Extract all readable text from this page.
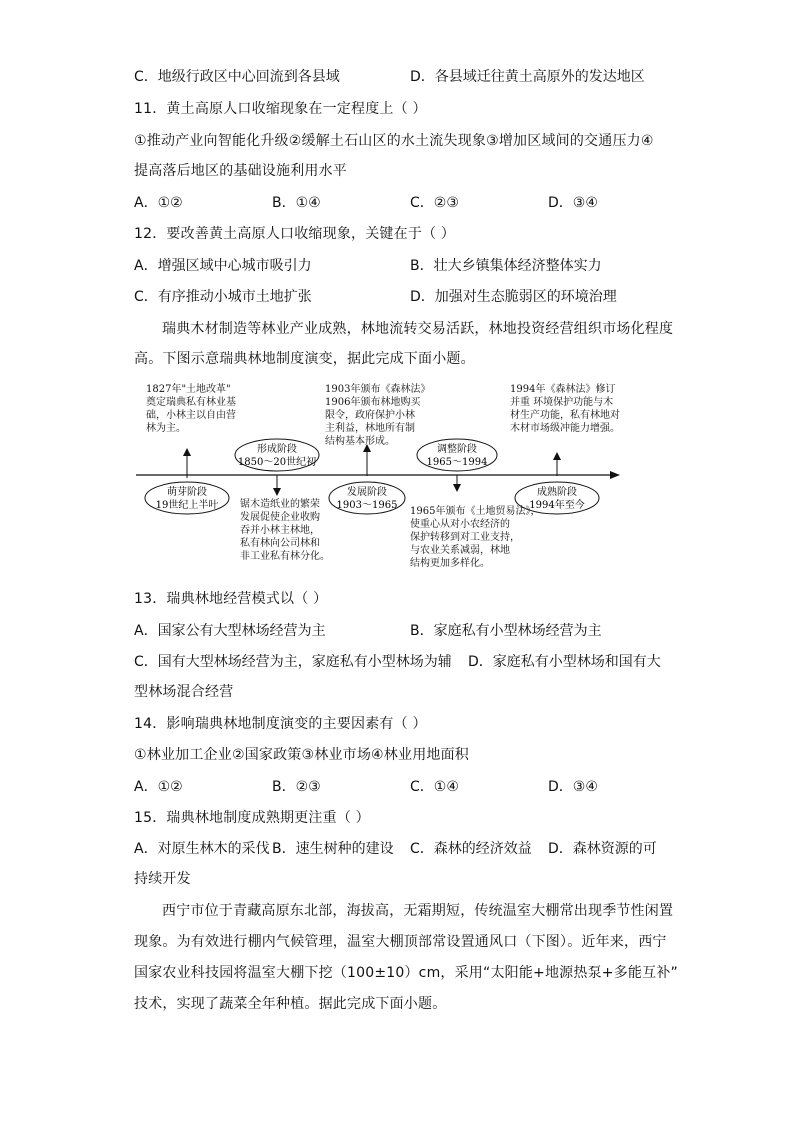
C．地级行政区中心回流到各县域	D．各县域迁往黄土高原外的发达地区
11．黄土高原人口收缩现象在一定程度上（ ）
①推动产业向智能化升级②缓解土石山区的水土流失现象③增加区域间的交通压力④
提高落后地区的基础设施利用水平
A．①②	B．①④	C．②③	D．③④
12．要改善黄土高原人口收缩现象，关键在于（ ）
A．增强区域中心城市吸引力	B．壮大乡镇集体经济整体实力
C．有序推动小城市土地扩张	D．加强对生态脆弱区的环境治理
瑞典木材制造等林业产业成熟，林地流转交易活跃，林地投资经营组织市场化程度
高。下图示意瑞典林地制度演变，据此完成下面小题。
萌芽阶段
19世纪上半叶
形成阶段
1850～20世纪初
发展阶段
1903～1965
调整阶段
1965～1994
成熟阶段
1994年至今
1827年"土地改革"
奠定瑞典私有林业基
础，小林主以自由营
林为主。
1903年颁布《森林法》
1906年颁布林地购买
限令，政府保护小林
主利益，林地所有制
结构基本形成。
1994年《森林法》修订
并重 环境保护功能与木
材生产功能，私有林地对
木材市场级冲能力增强。
锯木造纸业的繁荣
发展促使企业收购
吞并小林主林地，
私有林向公司林和
非工业私有林分化。
1965年颁布《土地贸易法》，
使重心从对小农经济的
保护转移到对工业支持，
与农业关系减弱，林地
结构更加多样化。
13．瑞典林地经营模式以（ ）
A．国家公有大型林场经营为主	B．家庭私有小型林场经营为主
C．国有大型林场经营为主，家庭私有小型林场为辅 D．家庭私有小型林场和国有大
型林场混合经营
14．影响瑞典林地制度演变的主要因素有（ ）
①林业加工企业②国家政策③林业市场④林业用地面积
A．①②	B．②③	C．①④	D．③④
15．瑞典林地制度成熟期更注重（ ）
A．对原生林木的采伐 B．速生树种的建设 C．森林的经济效益 D．森林资源的可
持续开发
西宁市位于青藏高原东北部，海拔高，无霜期短，传统温室大棚常出现季节性闲置
现象。为有效进行棚内气候管理，温室大棚顶部常设置通风口（下图）。近年来，西宁
国家农业科技园将温室大棚下挖（100±10）cm，采用“太阳能+地源热泵+多能互补”
技术，实现了蔬菜全年种植。据此完成下面小题。
